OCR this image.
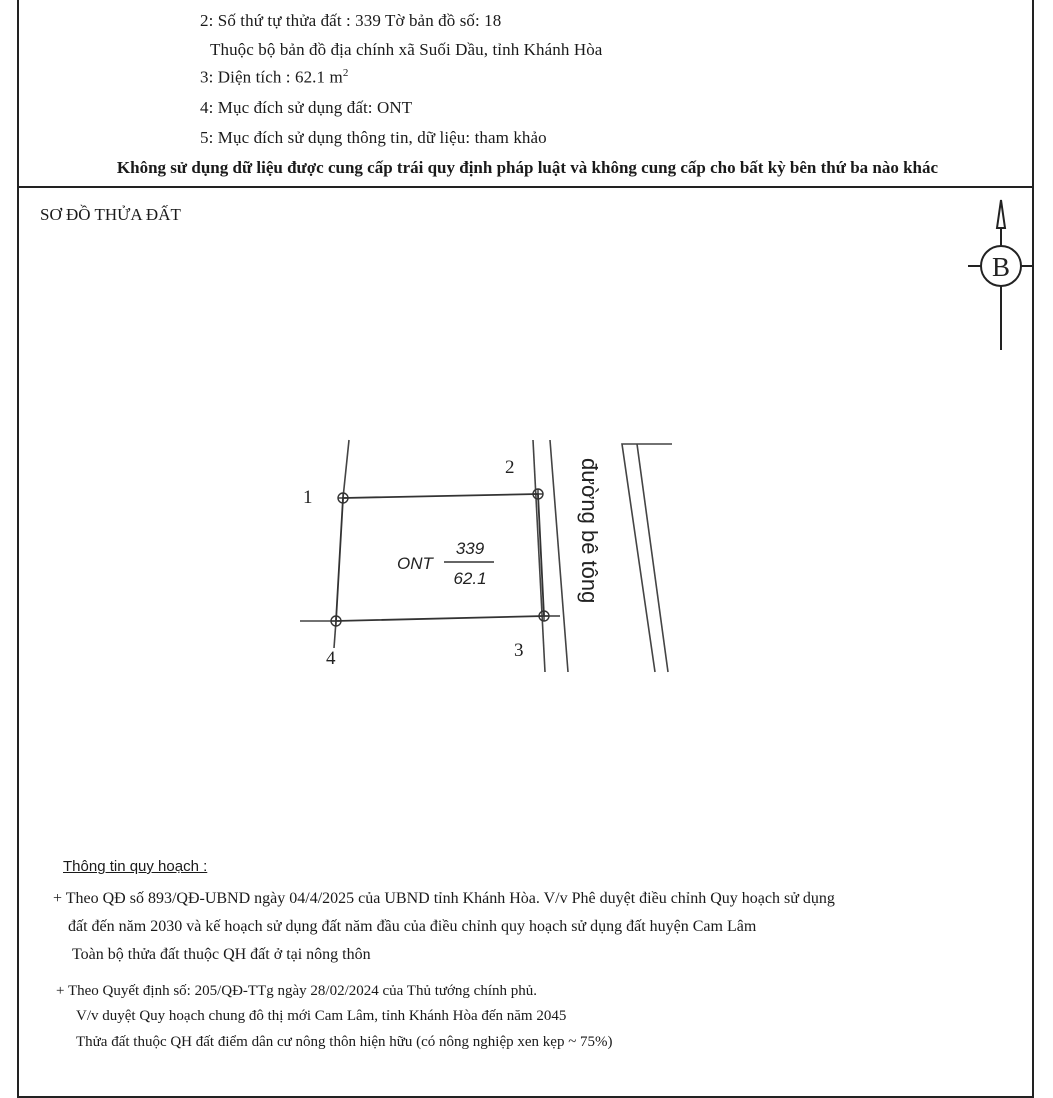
2: Số thứ tự thửa đất : 339 Tờ bản đồ số: 18
Thuộc bộ bản đồ địa chính xã Suối Dầu, tỉnh Khánh Hòa
3: Diện tích : 62.1 $m^2$
4: Mục đích sử dụng đất: ONT
5: Mục đích sử dụng thông tin, dữ liệu: tham khảo
Không sử dụng dữ liệu được cung cấp trái quy định pháp luật và không cung cấp cho bất kỳ bên thứ ba nào khác
SƠ ĐỒ THỬA ĐẤT
B
1
2
3
4
ONT
339
62.1	đường bê tông
Thông tin quy hoạch :
+ Theo QĐ số 893/QĐ-UBND ngày 04/4/2025 của UBND tỉnh Khánh Hòa. V/v Phê duyệt điều chỉnh Quy hoạch sử dụng
đất đến năm 2030 và kế hoạch sử dụng đất năm đầu của điều chỉnh quy hoạch sử dụng đất huyện Cam Lâm
Toàn bộ thửa đất thuộc QH đất ở tại nông thôn
+ Theo Quyết định số: 205/QĐ-TTg ngày 28/02/2024 của Thủ tướng chính phủ.
V/v duyệt Quy hoạch chung đô thị mới Cam Lâm, tỉnh Khánh Hòa đến năm 2045
Thửa đất thuộc QH đất điểm dân cư nông thôn hiện hữu (có nông nghiệp xen kẹp ~ 75%)
